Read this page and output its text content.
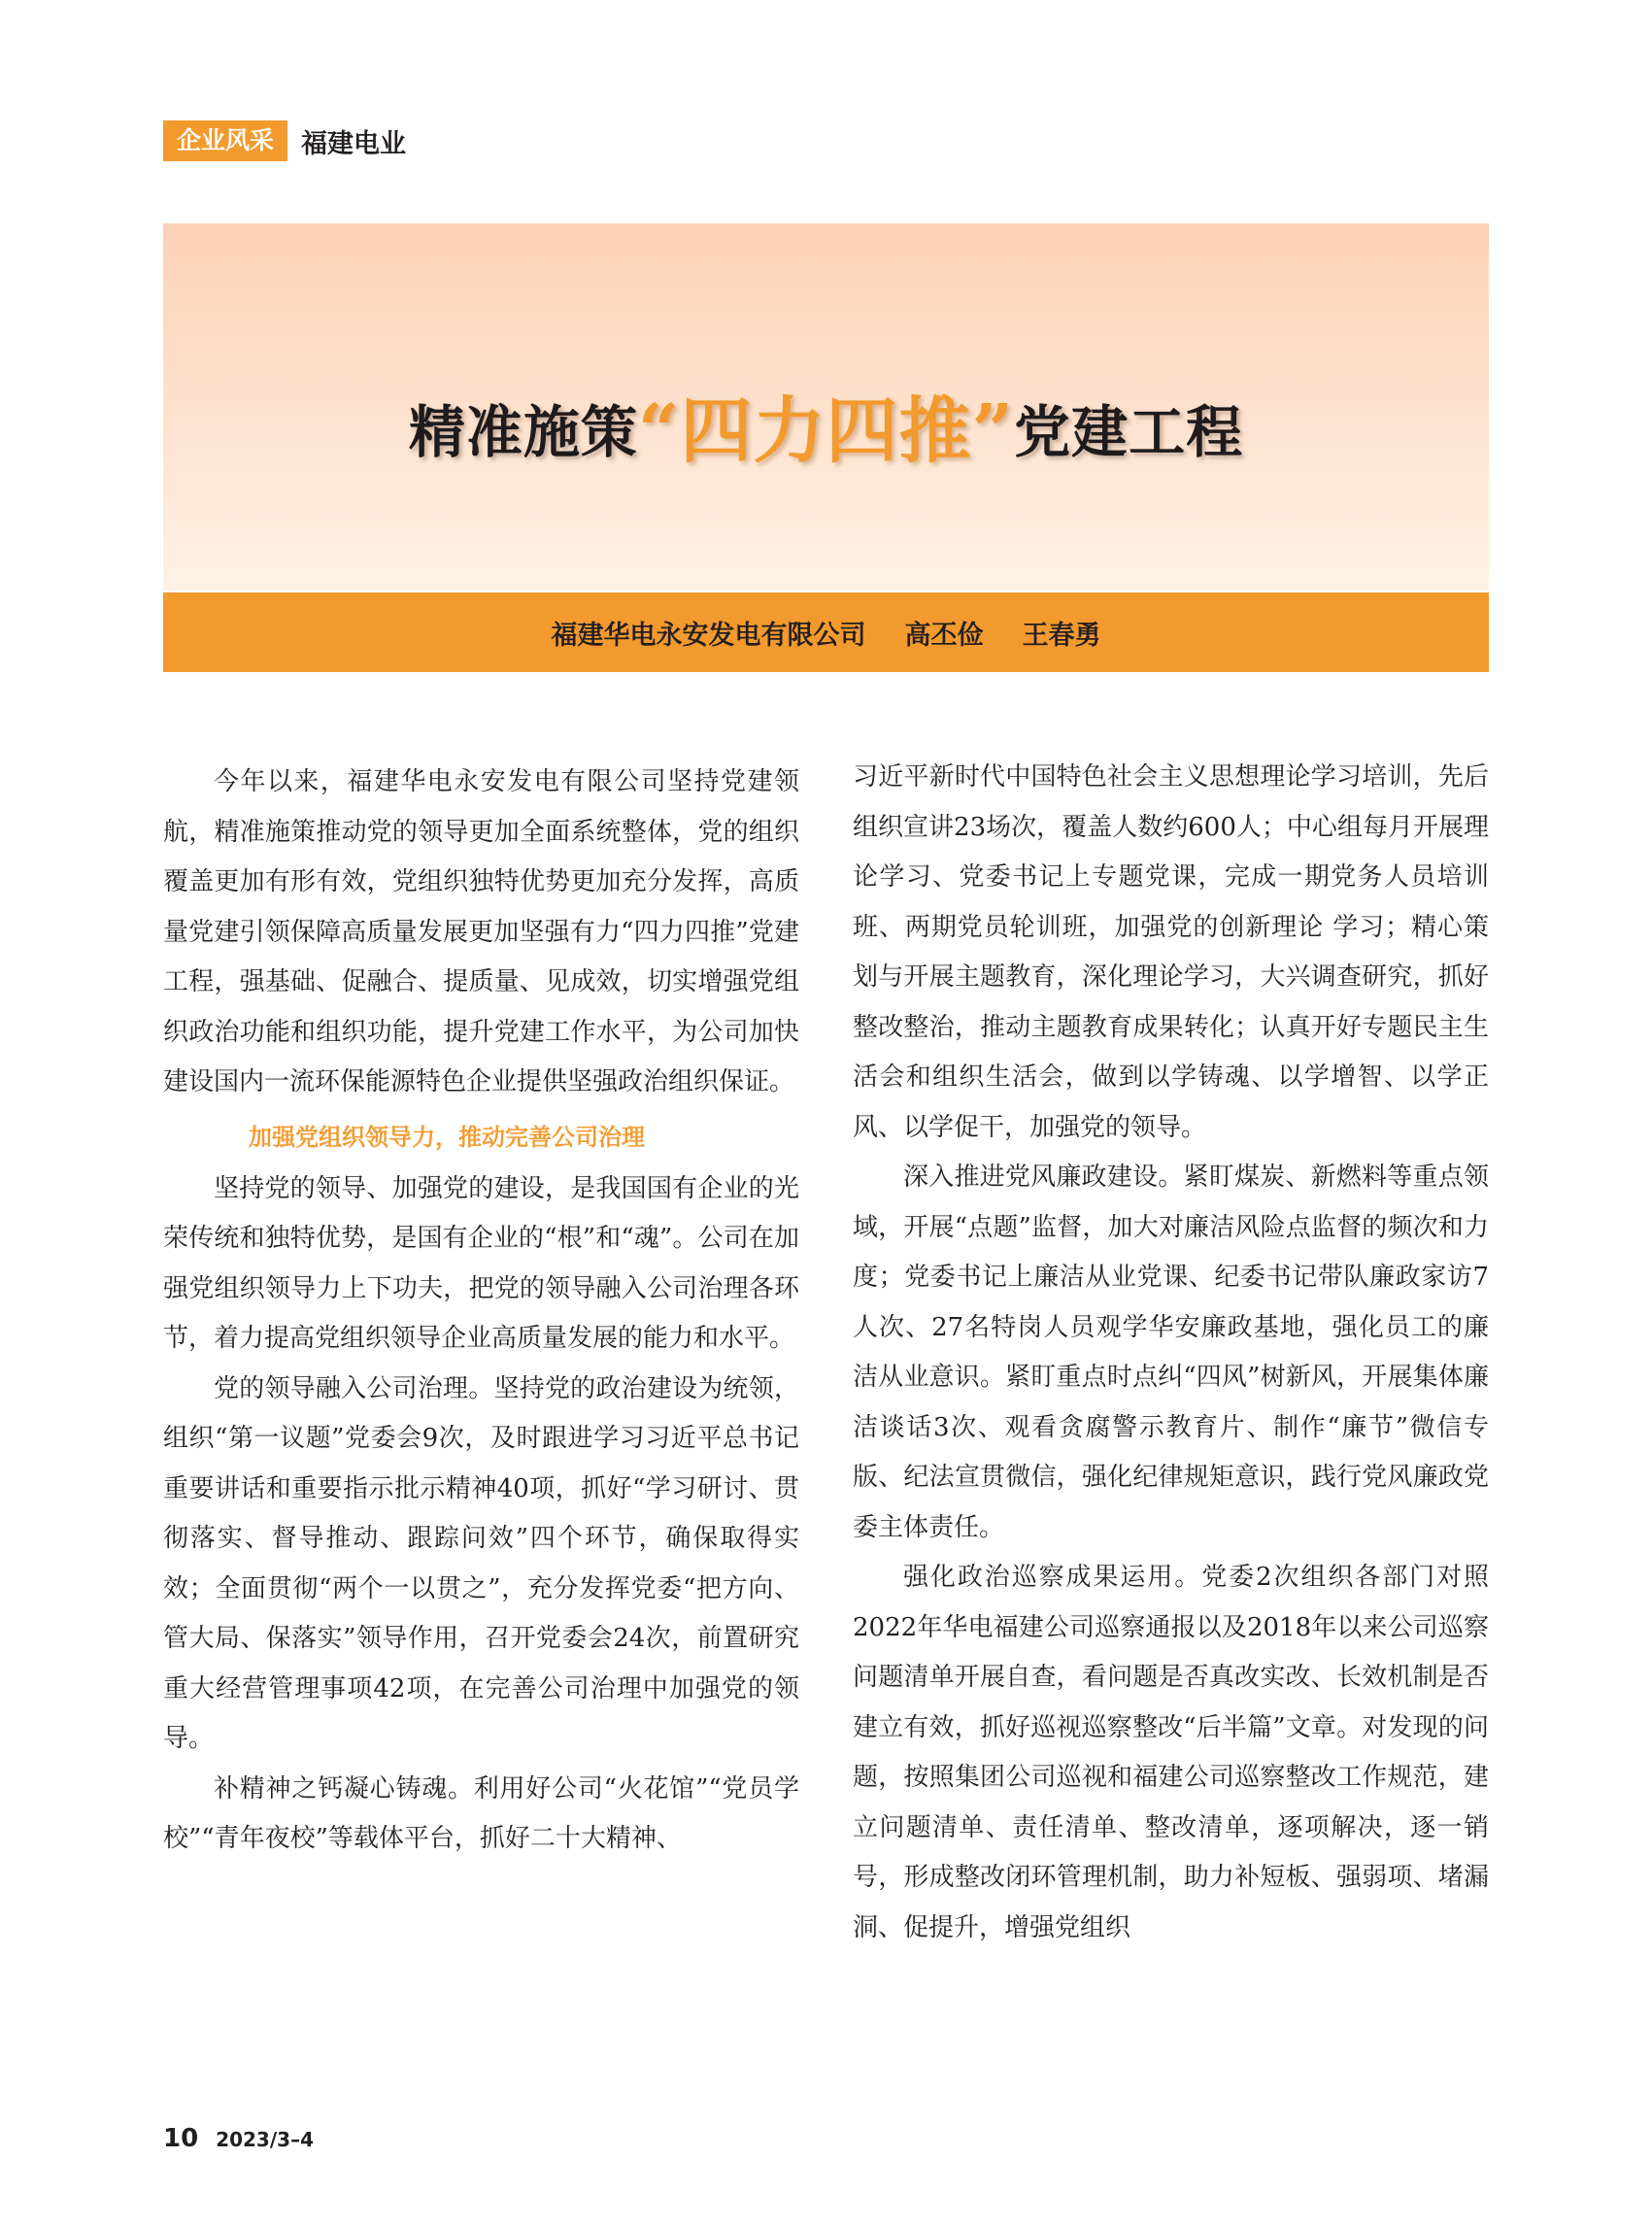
企业风采	福建电业
精准施策“四力四推”党建工程
福建华电永安发电有限公司 高丕俭 王春勇

今年以来，福建华电永安发电有限公司坚持党建领航，精准施策推动党的领导更加全面系统整体，党的组织覆盖更加有形有效，党组织独特优势更加充分发挥，高质量党建引领保障高质量发展更加坚强有力“四力四推”党建工程，强基础、促融合、提质量、见成效，切实增强党组织政治功能和组织功能，提升党建工作水平，为公司加快建设国内一流环保能源特色企业提供坚强政治组织保证。

加强党组织领导力，推动完善公司治理

坚持党的领导、加强党的建设，是我国国有企业的光荣传统和独特优势，是国有企业的“根”和“魂”。公司在加强党组织领导力上下功夫，把党的领导融入公司治理各环节，着力提高党组织领导企业高质量发展的能力和水平。

党的领导融入公司治理。坚持党的政治建设为统领，组织“第一议题”党委会9次，及时跟进学习习近平总书记重要讲话和重要指示批示精神40项，抓好“学习研讨、贯彻落实、督导推动、跟踪问效”四个环节，确保取得实效；全面贯彻“两个一以贯之”，充分发挥党委“把方向、管大局、保落实”领导作用，召开党委会24次，前置研究重大经营管理事项42项，在完善公司治理中加强党的领导。

补精神之钙凝心铸魂。利用好公司“火花馆”“党员学校”“青年夜校”等载体平台，抓好二十大精神、

习近平新时代中国特色社会主义思想理论学习培训，先后组织宣讲23场次，覆盖人数约600人；中心组每月开展理论学习、党委书记上专题党课，完成一期党务人员培训班、两期党员轮训班，加强党的创新理论 学习；精心策划与开展主题教育，深化理论学习，大兴调查研究，抓好整改整治，推动主题教育成果转化；认真开好专题民主生活会和组织生活会，做到以学铸魂、以学增智、以学正风、以学促干，加强党的领导。

深入推进党风廉政建设。紧盯煤炭、新燃料等重点领域，开展“点题”监督，加大对廉洁风险点监督的频次和力度；党委书记上廉洁从业党课、纪委书记带队廉政家访7人次、27名特岗人员观学华安廉政基地，强化员工的廉洁从业意识。紧盯重点时点纠“四风”树新风，开展集体廉洁谈话3次、观看贪腐警示教育片、制作“廉节”微信专版、纪法宣贯微信，强化纪律规矩意识，践行党风廉政党委主体责任。

强化政治巡察成果运用。党委2次组织各部门对照2022年华电福建公司巡察通报以及2018年以来公司巡察问题清单开展自查，看问题是否真改实改、长效机制是否建立有效，抓好巡视巡察整改“后半篇”文章。对发现的问题，按照集团公司巡视和福建公司巡察整改工作规范，建立问题清单、责任清单、整改清单，逐项解决，逐一销号，形成整改闭环管理机制，助力补短板、强弱项、堵漏洞、促提升，增强党组织

10 2023/3–4
